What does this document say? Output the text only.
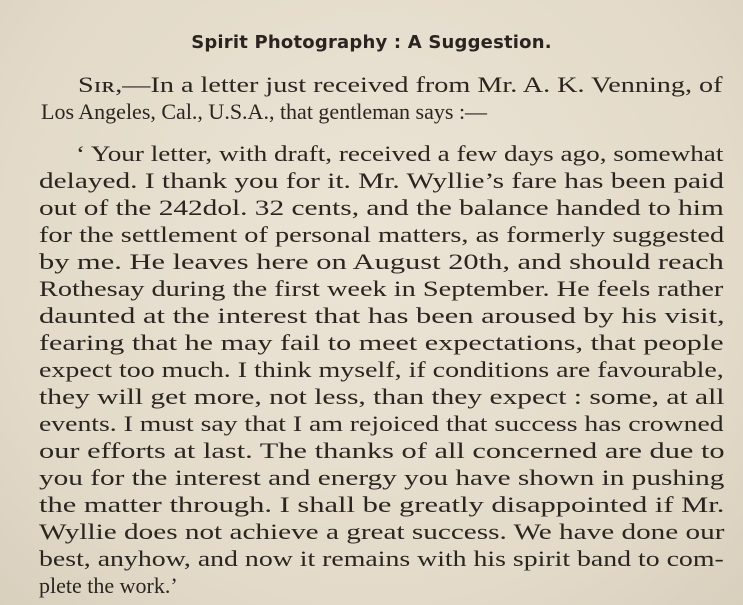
Spirit Photography : A Suggestion.
Sɪʀ,—In a letter just received from Mr. A. K. Venning, of
Los Angeles, Cal., U.S.A., that gentleman says :—
‘ Your letter, with draft, received a few days ago, somewhat
delayed. I thank you for it. Mr. Wyllie’s fare has been paid
out of the 242dol. 32 cents, and the balance handed to him
for the settlement of personal matters, as formerly suggested
by me. He leaves here on August 20th, and should reach
Rothesay during the first week in September. He feels rather
daunted at the interest that has been aroused by his visit,
fearing that he may fail to meet expectations, that people
expect too much. I think myself, if conditions are favourable,
they will get more, not less, than they expect : some, at all
events. I must say that I am rejoiced that success has crowned
our efforts at last. The thanks of all concerned are due to
you for the interest and energy you have shown in pushing
the matter through. I shall be greatly disappointed if Mr.
Wyllie does not achieve a great success. We have done our
best, anyhow, and now it remains with his spirit band to com-
plete the work.’
